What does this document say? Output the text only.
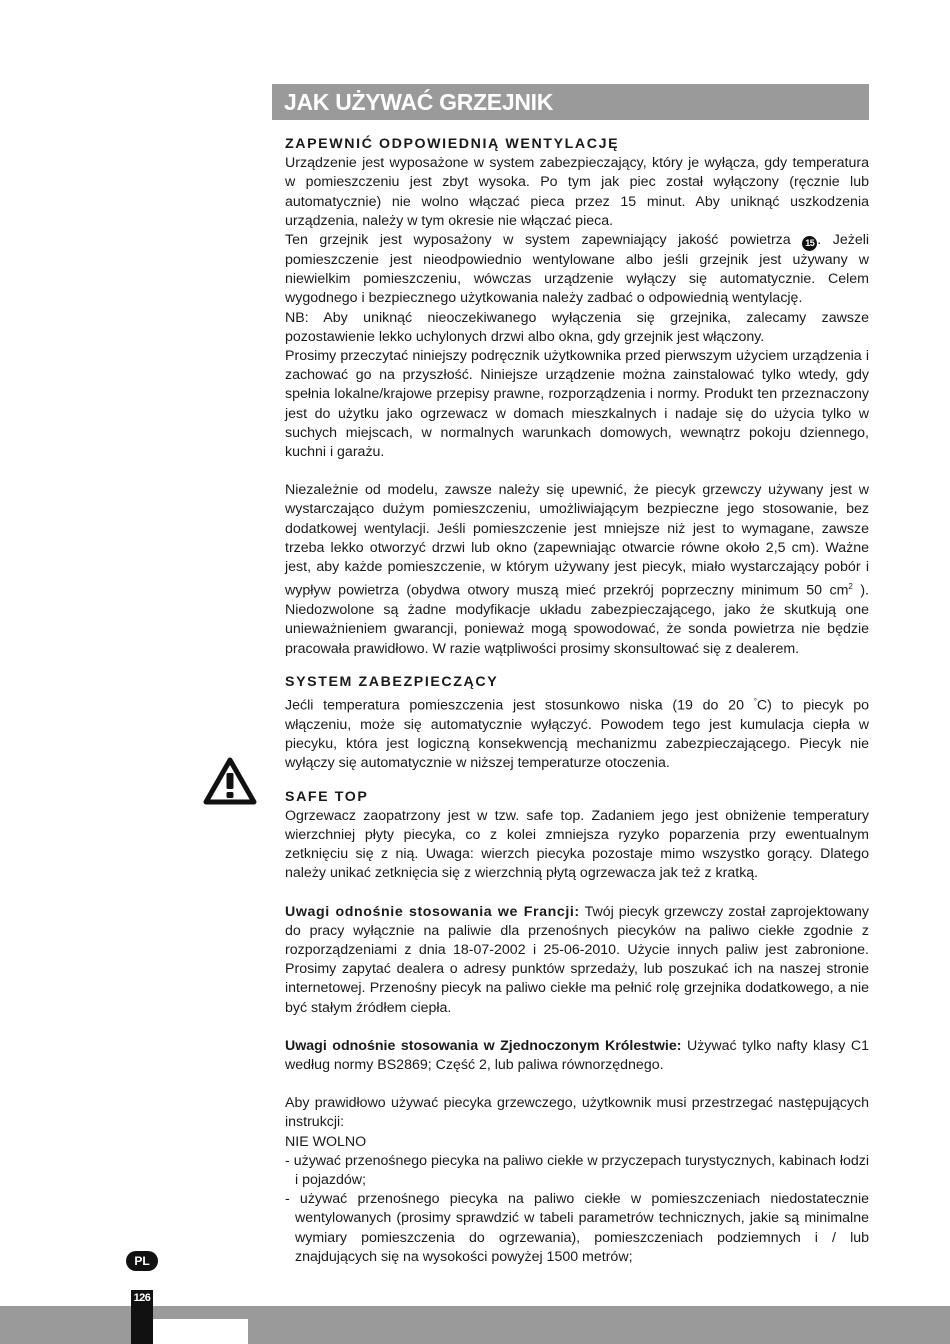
JAK UŻYWAĆ GRZEJNIK

ZAPEWNIĆ ODPOWIEDNIĄ WENTYLACJĘ

Urządzenie jest wyposażone w system zabezpieczający, który je wyłącza, gdy temperatura w pomieszczeniu jest zbyt wysoka. Po tym jak piec został wyłączony (ręcznie lub automatycznie) nie wolno włączać pieca przez 15 minut. Aby uniknąć uszkodzenia urządzenia, należy w tym okresie nie włączać pieca.

Ten grzejnik jest wyposażony w system zapewniający jakość powietrza 15 . Jeżeli pomieszczenie jest nieodpowiednio wentylowane albo jeśli grzejnik jest używany w niewielkim pomieszczeniu, wówczas urządzenie wyłączy się automatycznie. Celem wygodnego i bezpiecznego użytkowania należy zadbać o odpowiednią wentylację.

NB: Aby uniknąć nieoczekiwanego wyłączenia się grzejnika, zalecamy zawsze pozostawienie lekko uchylonych drzwi albo okna, gdy grzejnik jest włączony.

Prosimy przeczytać niniejszy podręcznik użytkownika przed pierwszym użyciem urządzenia i zachować go na przyszłość. Niniejsze urządzenie można zainstalować tylko wtedy, gdy spełnia lokalne/krajowe przepisy prawne, rozporządzenia i normy. Produkt ten przeznaczony jest do użytku jako ogrzewacz w domach mieszkalnych i nadaje się do użycia tylko w suchych miejscach, w normalnych warunkach domowych, wewnątrz pokoju dziennego, kuchni i garażu.

Niezależnie od modelu, zawsze należy się upewnić, że piecyk grzewczy używany jest w wystarczająco dużym pomieszczeniu, umożliwiającym bezpieczne jego stosowanie, bez dodatkowej wentylacji. Jeśli pomieszczenie jest mniejsze niż jest to wymagane, zawsze trzeba lekko otworzyć drzwi lub okno (zapewniając otwarcie równe około 2,5 cm). Ważne jest, aby każde pomieszczenie, w którym używany jest piecyk, miało wystarczający pobór i wypływ powietrza (obydwa otwory muszą mieć przekrój poprzeczny minimum 50 $cm^2$ ). Niedozwolone są żadne modyfikacje układu zabezpieczającego, jako że skutkują one unieważnieniem gwarancji, ponieważ mogą spowodować, że sonda powietrza nie będzie pracowała prawidłowo. W razie wątpliwości prosimy skonsultować się z dealerem.

SYSTEM ZABEZPIECZĄCY

Jećli temperatura pomieszczenia jest stosunkowo niska (19 do 20 °C) to piecyk po włączeniu, może się automatycznie wyłączyć. Powodem tego jest kumulacja ciepła w piecyku, która jest logiczną konsekwencją mechanizmu zabezpieczającego. Piecyk nie wyłączy się automatycznie w niższej temperaturze otoczenia.

SAFE TOP

Ogrzewacz zaopatrzony jest w tzw. safe top. Zadaniem jego jest obniżenie temperatury wierzchniej płyty piecyka, co z kolei zmniejsza ryzyko poparzenia przy ewentualnym zetknięciu się z nią. Uwaga: wierzch piecyka pozostaje mimo wszystko gorący. Dlatego należy unikać zetknięcia się z wierzchnią płytą ogrzewacza jak też z kratką.

Uwagi odnośnie stosowania we Francji: Twój piecyk grzewczy został zaprojektowany do pracy wyłącznie na paliwie dla przenośnych piecyków na paliwo ciekłe zgodnie z rozporządzeniami z dnia 18-07-2002 i 25-06-2010. Użycie innych paliw jest zabronione. Prosimy zapytać dealera o adresy punktów sprzedaży, lub poszukać ich na naszej stronie internetowej. Przenośny piecyk na paliwo ciekłe ma pełnić rolę grzejnika dodatkowego, a nie być stałym źródłem ciepła.

Uwagi odnośnie stosowania w Zjednoczonym Królestwie: Używać tylko nafty klasy C1 według normy BS2869; Część 2, lub paliwa równorzędnego.

Aby prawidłowo używać piecyka grzewczego, użytkownik musi przestrzegać następujących instrukcji:

NIE WOLNO

- używać przenośnego piecyka na paliwo ciekłe w przyczepach turystycznych, kabinach łodzi i pojazdów;

- używać przenośnego piecyka na paliwo ciekłe w pomieszczeniach niedostatecznie wentylowanych (prosimy sprawdzić w tabeli parametrów technicznych, jakie są minimalne wymiary pomieszczenia do ogrzewania), pomieszczeniach podziemnych i / lub znajdujących się na wysokości powyżej 1500 metrów;

PL
126
